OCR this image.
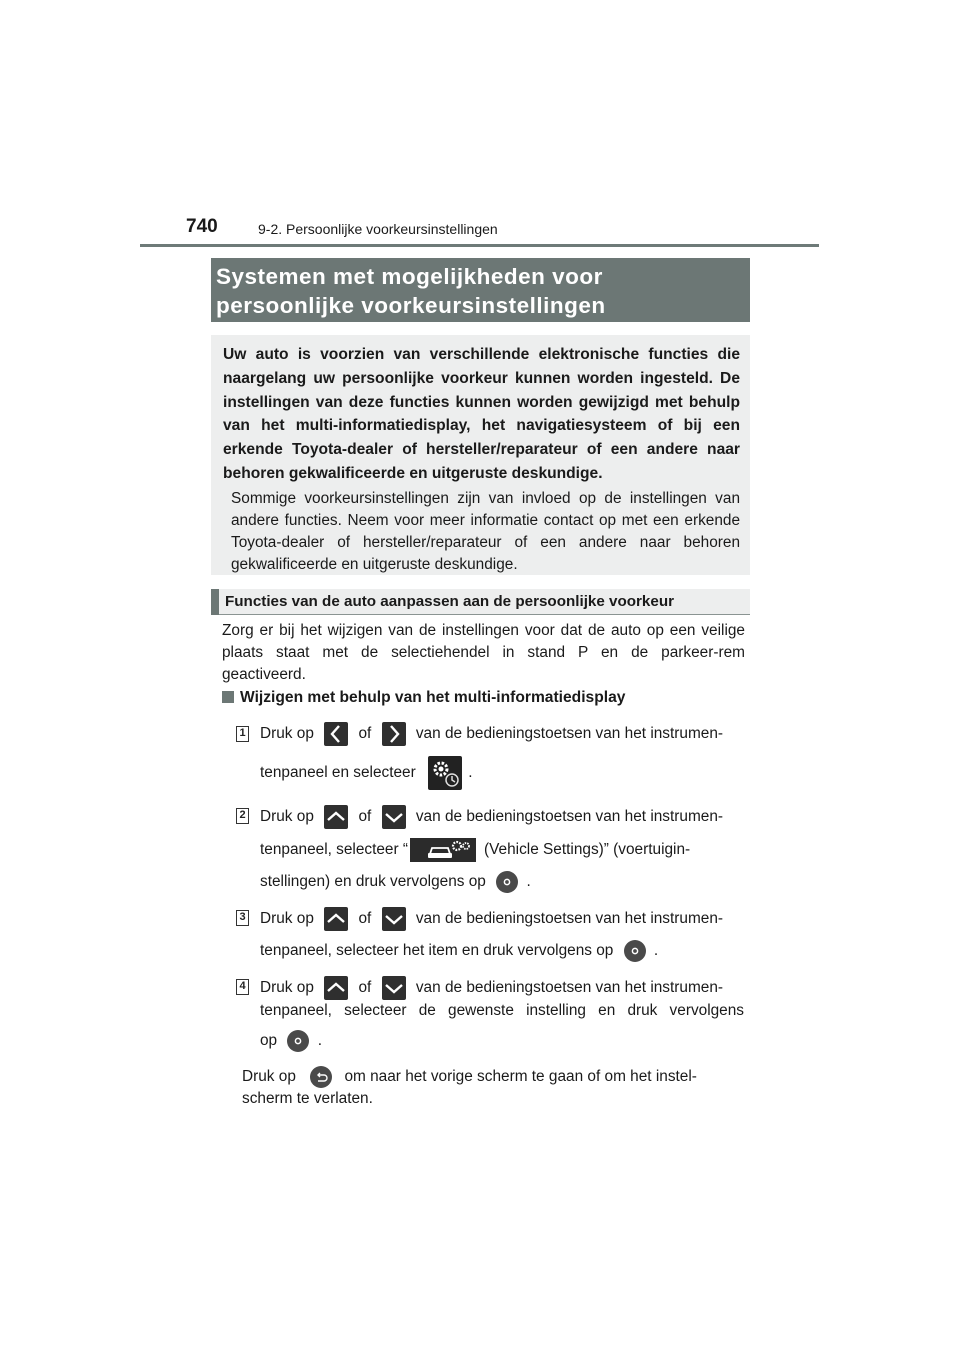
740	9-2. Persoonlijke voorkeursinstellingen
Systemen met mogelijkheden voor
persoonlijke voorkeursinstellingen
Uw auto is voorzien van verschillende elektronische functies die naargelang uw persoonlijke voorkeur kunnen worden ingesteld. De instellingen van deze functies kunnen worden gewijzigd met behulp van het multi-informatiedisplay, het navigatiesysteem of bij een erkende Toyota-dealer of hersteller/reparateur of een andere naar behoren gekwalificeerde en uitgeruste deskundige.
Sommige voorkeursinstellingen zijn van invloed op de instellingen van andere functies. Neem voor meer informatie contact op met een erkende Toyota-dealer of hersteller/reparateur of een andere naar behoren gekwalificeerde en uitgeruste deskundige.
Functies van de auto aanpassen aan de persoonlijke voorkeur
Zorg er bij het wijzigen van de instellingen voor dat de auto op een veilige plaats staat met de selectiehendel in stand P en de parkeer-rem geactiveerd.
Wijzigen met behulp van het multi-informatiedisplay
1 Druk op	of	van de bedieningstoetsen van het instrumen-
tenpaneel en selecteer	.
2 Druk op	of	van de bedieningstoetsen van het instrumen-
tenpaneel, selecteer “	(Vehicle Settings)” (voertuigin-
stellingen) en druk vervolgens op	.
3 Druk op	of	van de bedieningstoetsen van het instrumen-
tenpaneel, selecteer het item en druk vervolgens op	.
4 Druk op	of	van de bedieningstoetsen van het instrumen-
tenpaneel, selecteer de gewenste instelling en druk vervolgens
op	.
Druk op	om naar het vorige scherm te gaan of om het instel-
scherm te verlaten.
